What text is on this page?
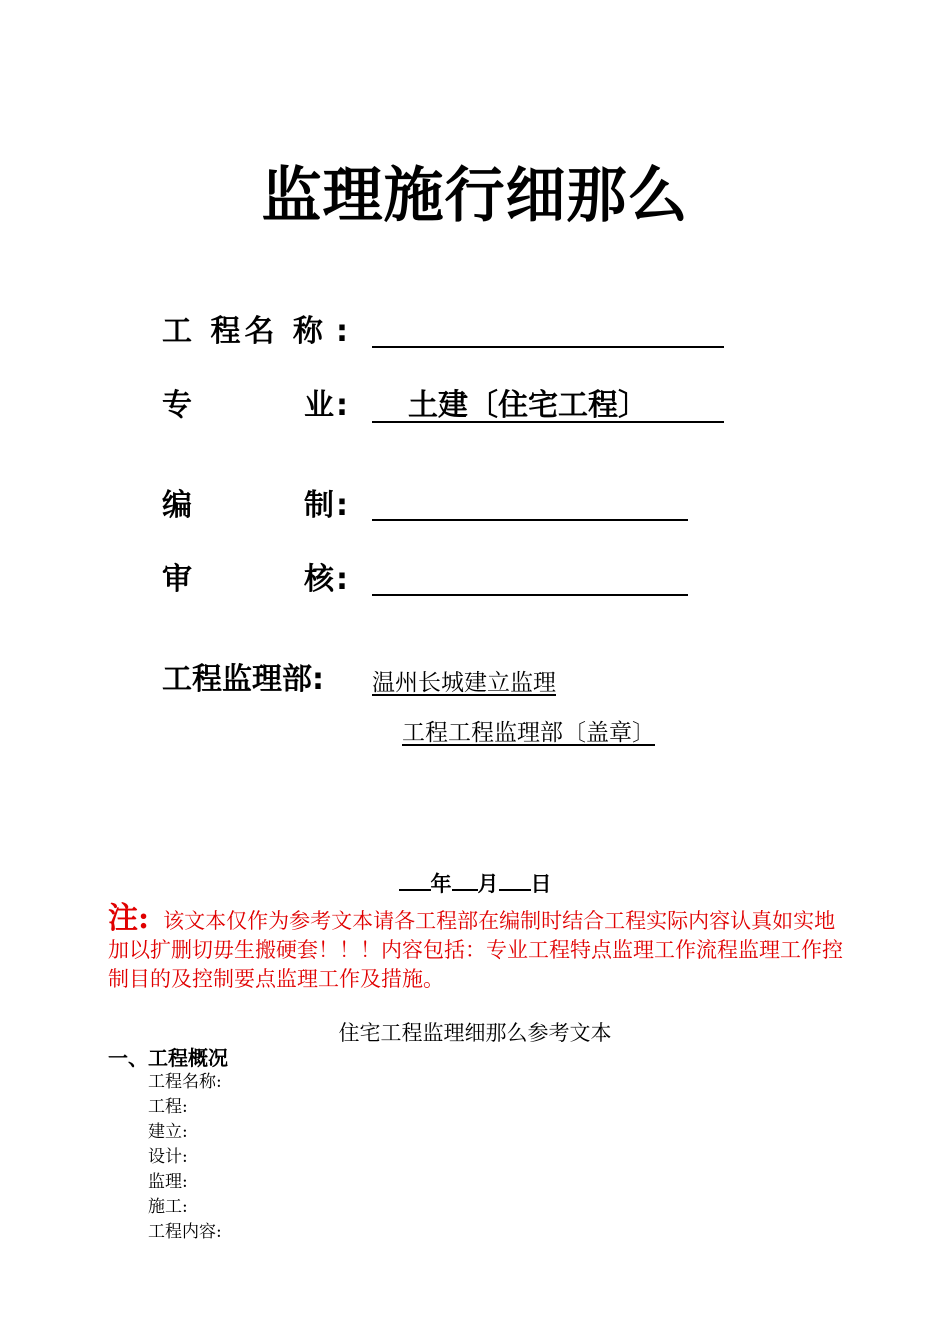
监理施行细那么
工 程名 称 :
专	业 : 土建〔住宅工程〕
编	制 :
审	核 :
工程监理部: 温州长城建立监理
工程工程监理部〔盖章〕
年 月 日
注: 该文本仅作为参考文本请各工程部在编制时结合工程实际内容认真如实地加以扩删切毋生搬硬套！！！内容包括：专业工程特点监理工作流程监理工作控制目的及控制要点监理工作及措施。
住宅工程监理细那么参考文本
一、工程概况
工程名称:
工程:
建立:
设计:
监理:
施工:
工程内容:
